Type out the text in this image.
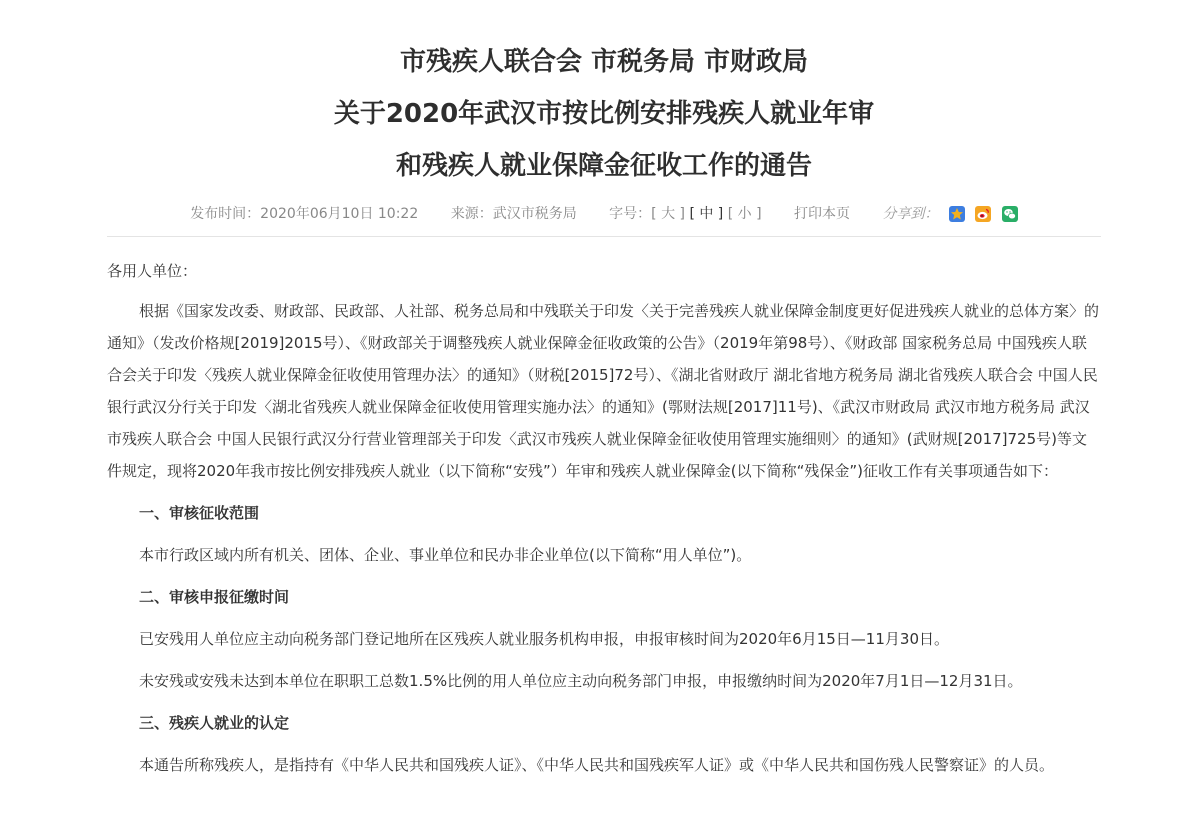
市残疾人联合会 市税务局 市财政局
关于2020年武汉市按比例安排残疾人就业年审
和残疾人就业保障金征收工作的通告
发布时间：2020年06月10日 10:22 来源：武汉市税务局 字号：[ 大 ] [ 中 ] [ 小 ] 打印本页 分享到：

各用人单位：

根据《国家发改委、财政部、民政部、人社部、税务总局和中残联关于印发〈关于完善残疾人就业保障金制度更好促进残疾人就业的总体方案〉的通知》（发改价格规[2019]2015号）、《财政部关于调整残疾人就业保障金征收政策的公告》（2019年第98号）、《财政部 国家税务总局 中国残疾人联合会关于印发〈残疾人就业保障金征收使用管理办法〉的通知》（财税[2015]72号）、《湖北省财政厅 湖北省地方税务局 湖北省残疾人联合会 中国人民银行武汉分行关于印发〈湖北省残疾人就业保障金征收使用管理实施办法〉的通知》(鄂财法规[2017]11号)、《武汉市财政局 武汉市地方税务局 武汉市残疾人联合会 中国人民银行武汉分行营业管理部关于印发〈武汉市残疾人就业保障金征收使用管理实施细则〉的通知》(武财规[2017]725号)等文件规定，现将2020年我市按比例安排残疾人就业（以下简称“安残”）年审和残疾人就业保障金(以下简称“残保金”)征收工作有关事项通告如下：

一、审核征收范围

本市行政区域内所有机关、团体、企业、事业单位和民办非企业单位(以下简称“用人单位”)。

二、审核申报征缴时间

已安残用人单位应主动向税务部门登记地所在区残疾人就业服务机构申报，申报审核时间为2020年6月15日—11月30日。

未安残或安残未达到本单位在职职工总数1.5%比例的用人单位应主动向税务部门申报，申报缴纳时间为2020年7月1日—12月31日。

三、残疾人就业的认定

本通告所称残疾人，是指持有《中华人民共和国残疾人证》、《中华人民共和国残疾军人证》或《中华人民共和国伤残人民警察证》的人员。
